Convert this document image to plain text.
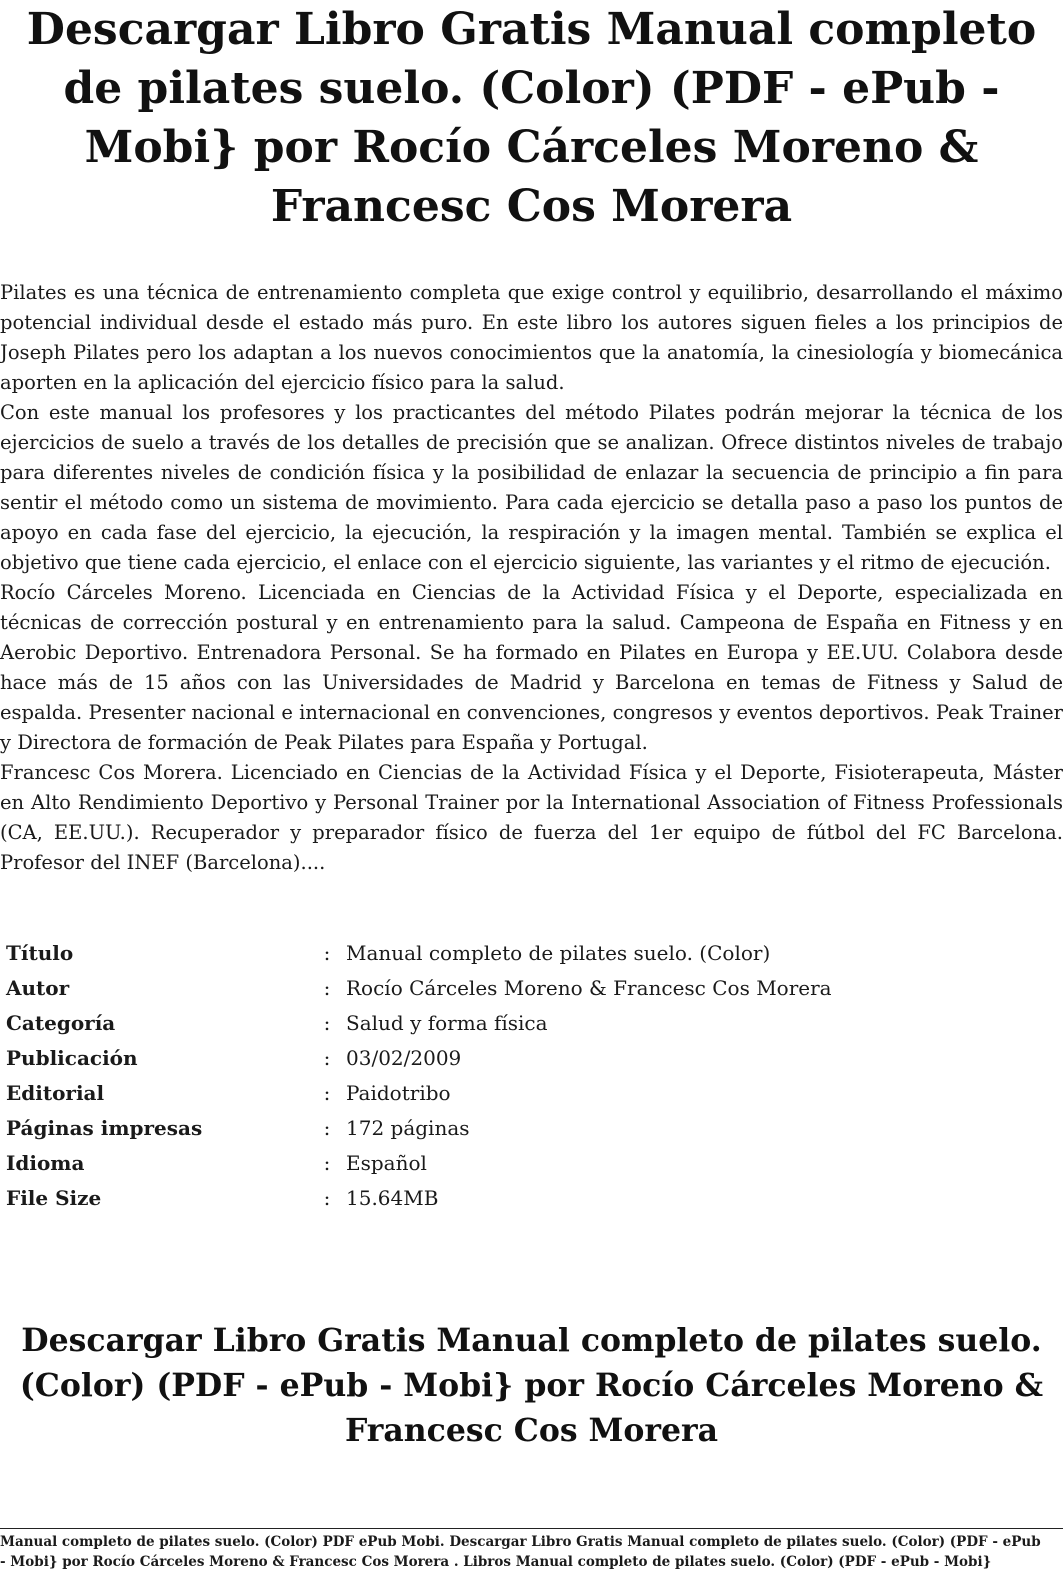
Descargar Libro Gratis Manual completo de pilates suelo. (Color) (PDF - ePub - Mobi} por Rocío Cárceles Moreno & Francesc Cos Morera

Pilates es una técnica de entrenamiento completa que exige control y equilibrio, desarrollando el máximo potencial individual desde el estado más puro. En este libro los autores siguen fieles a los principios de Joseph Pilates pero los adaptan a los nuevos conocimientos que la anatomía, la cinesiología y biomecánica aporten en la aplicación del ejercicio físico para la salud.

Con este manual los profesores y los practicantes del método Pilates podrán mejorar la técnica de los ejercicios de suelo a través de los detalles de precisión que se analizan. Ofrece distintos niveles de trabajo para diferentes niveles de condición física y la posibilidad de enlazar la secuencia de principio a fin para sentir el método como un sistema de movimiento. Para cada ejercicio se detalla paso a paso los puntos de apoyo en cada fase del ejercicio, la ejecución, la respiración y la imagen mental. También se explica el objetivo que tiene cada ejercicio, el enlace con el ejercicio siguiente, las variantes y el ritmo de ejecución.

Rocío Cárceles Moreno. Licenciada en Ciencias de la Actividad Física y el Deporte, especializada en técnicas de corrección postural y en entrenamiento para la salud. Campeona de España en Fitness y en Aerobic Deportivo. Entrenadora Personal. Se ha formado en Pilates en Europa y EE.UU. Colabora desde hace más de 15 años con las Universidades de Madrid y Barcelona en temas de Fitness y Salud de espalda. Presenter nacional e internacional en convenciones, congresos y eventos deportivos. Peak Trainer y Directora de formación de Peak Pilates para España y Portugal.

Francesc Cos Morera. Licenciado en Ciencias de la Actividad Física y el Deporte, Fisioterapeuta, Máster en Alto Rendimiento Deportivo y Personal Trainer por la International Association of Fitness Professionals (CA, EE.UU.). Recuperador y preparador físico de fuerza del 1er equipo de fútbol del FC Barcelona. Profesor del INEF (Barcelona)....

Título	:	Manual completo de pilates suelo. (Color)
Autor	:	Rocío Cárceles Moreno & Francesc Cos Morera
Categoría	:	Salud y forma física
Publicación	:	03/02/2009
Editorial	:	Paidotribo
Páginas impresas	:	172 páginas
Idioma	:	Español
File Size	:	15.64MB
Descargar Libro Gratis Manual completo de pilates suelo. (Color) (PDF - ePub - Mobi} por Rocío Cárceles Moreno & Francesc Cos Morera

Manual completo de pilates suelo. (Color) PDF ePub Mobi. Descargar Libro Gratis Manual completo de pilates suelo. (Color) (PDF - ePub - Mobi} por Rocío Cárceles Moreno & Francesc Cos Morera . Libros Manual completo de pilates suelo. (Color) (PDF - ePub - Mobi}
